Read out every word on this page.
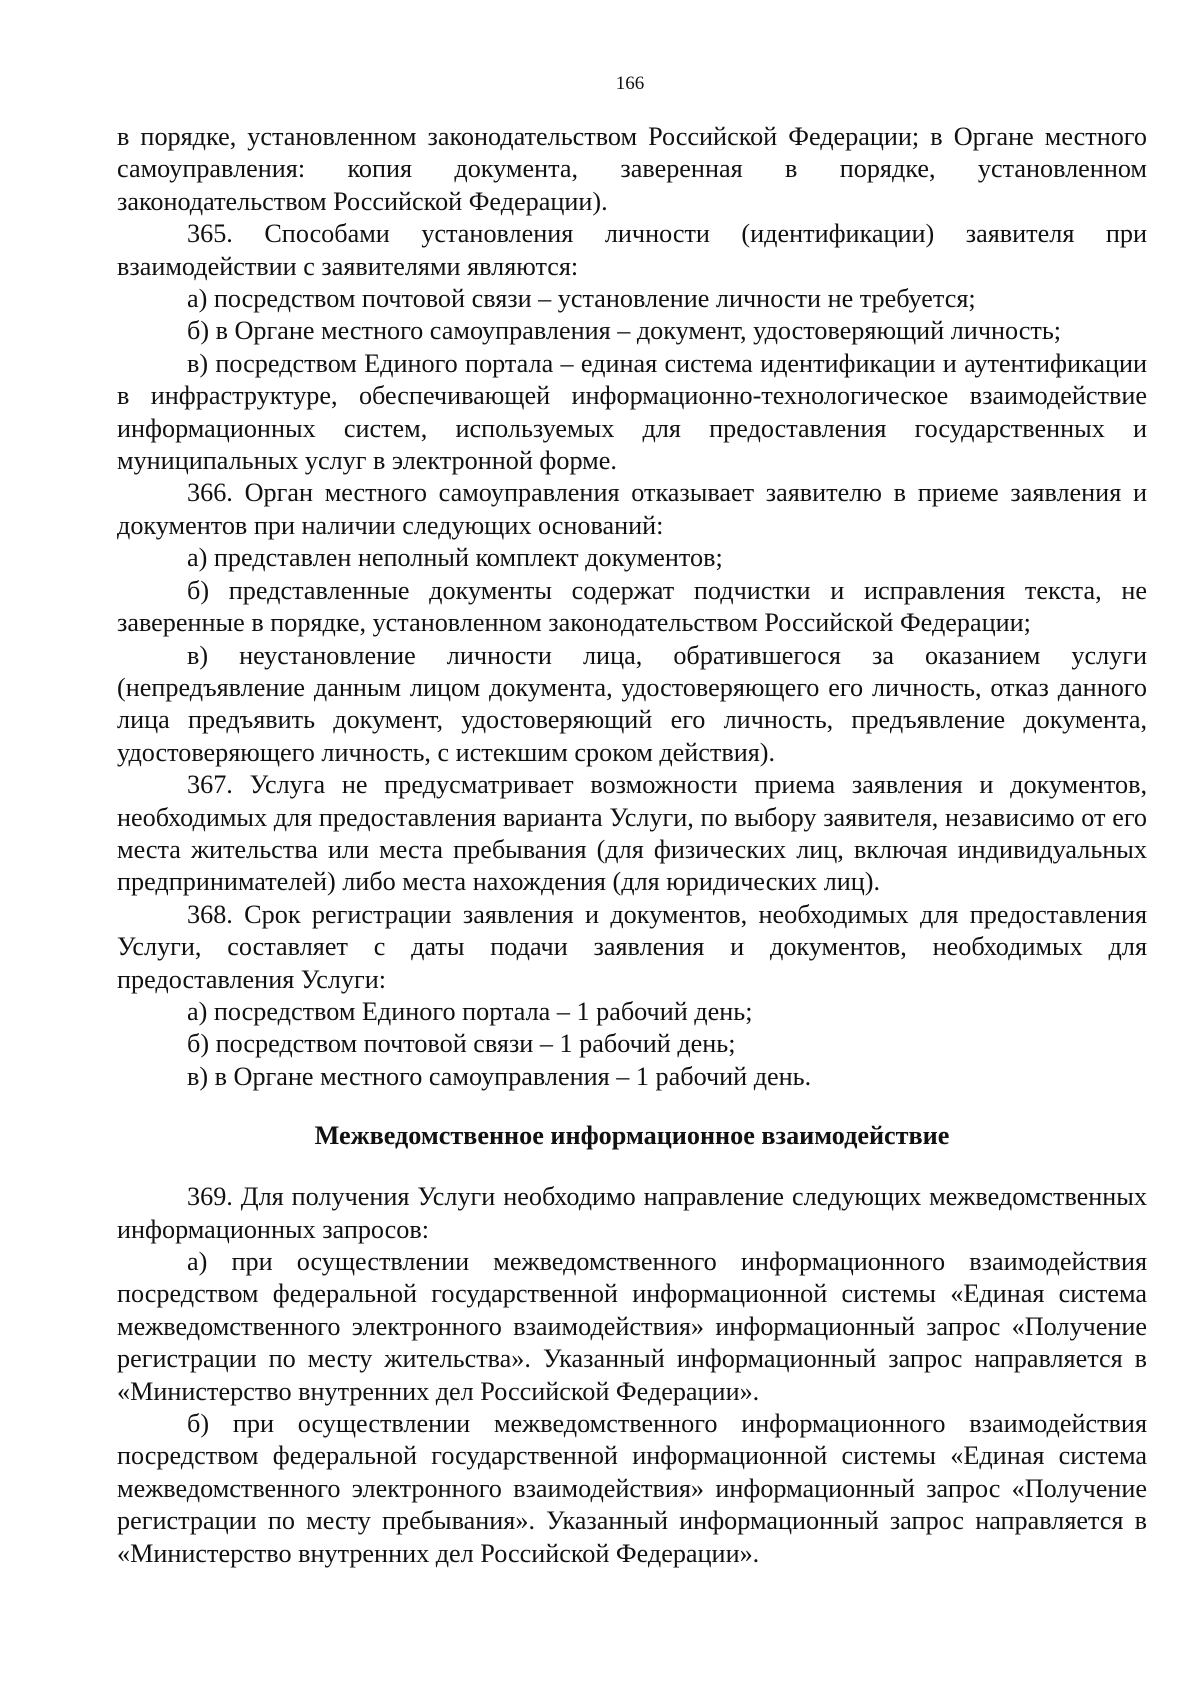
166

в порядке, установленном законодательством Российской Федерации; в Органе местного самоуправления: копия документа, заверенная в порядке, установленном законодательством Российской Федерации).

365. Способами установления личности (идентификации) заявителя при взаимодействии с заявителями являются:

а) посредством почтовой связи – установление личности не требуется;

б) в Органе местного самоуправления – документ, удостоверяющий личность;

в) посредством Единого портала – единая система идентификации и аутентификации в инфраструктуре, обеспечивающей информационно-технологическое взаимодействие информационных систем, используемых для предоставления государственных и муниципальных услуг в электронной форме.

366. Орган местного самоуправления отказывает заявителю в приеме заявления и документов при наличии следующих оснований:

а) представлен неполный комплект документов;

б) представленные документы содержат подчистки и исправления текста, не заверенные в порядке, установленном законодательством Российской Федерации;

в) неустановление личности лица, обратившегося за оказанием услуги (непредъявление данным лицом документа, удостоверяющего его личность, отказ данного лица предъявить документ, удостоверяющий его личность, предъявление документа, удостоверяющего личность, с истекшим сроком действия).

367. Услуга не предусматривает возможности приема заявления и документов, необходимых для предоставления варианта Услуги, по выбору заявителя, независимо от его места жительства или места пребывания (для физических лиц, включая индивидуальных предпринимателей) либо места нахождения (для юридических лиц).

368. Срок регистрации заявления и документов, необходимых для предоставления Услуги, составляет с даты подачи заявления и документов, необходимых для предоставления Услуги:

а) посредством Единого портала – 1 рабочий день;

б) посредством почтовой связи – 1 рабочий день;

в) в Органе местного самоуправления – 1 рабочий день.

Межведомственное информационное взаимодействие

369. Для получения Услуги необходимо направление следующих межведомственных информационных запросов:

а) при осуществлении межведомственного информационного взаимодействия посредством федеральной государственной информационной системы «Единая система межведомственного электронного взаимодействия» информационный запрос «Получение регистрации по месту жительства». Указанный информационный запрос направляется в «Министерство внутренних дел Российской Федерации».

б) при осуществлении межведомственного информационного взаимодействия посредством федеральной государственной информационной системы «Единая система межведомственного электронного взаимодействия» информационный запрос «Получение регистрации по месту пребывания». Указанный информационный запрос направляется в «Министерство внутренних дел Российской Федерации».
